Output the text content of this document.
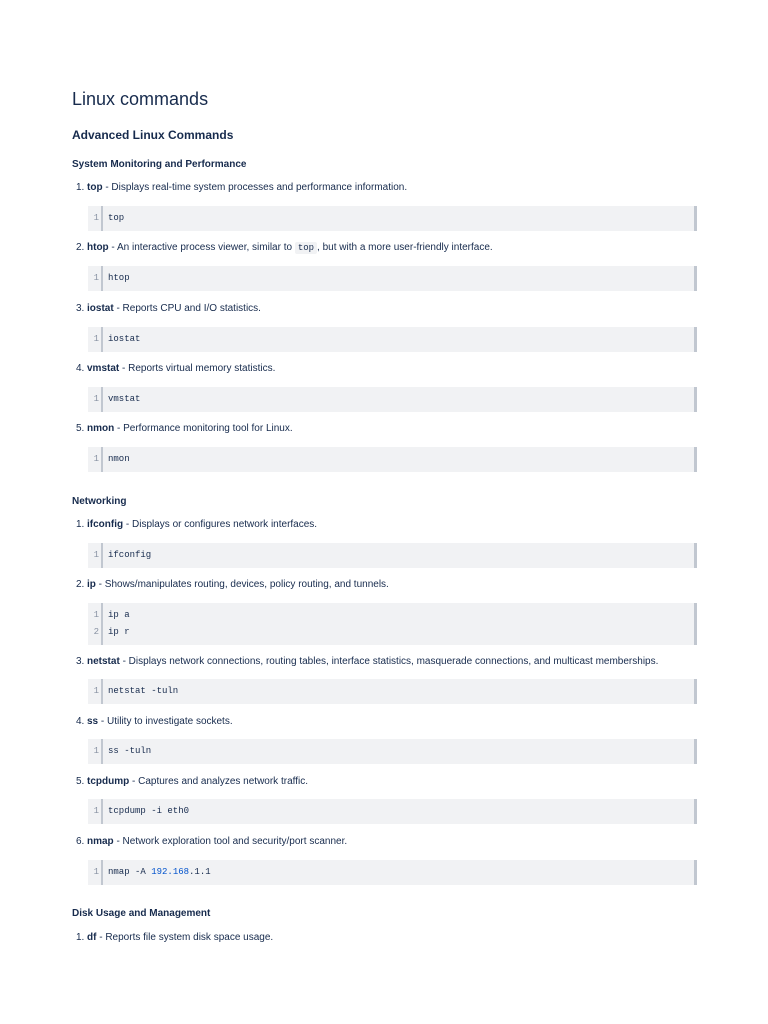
Linux commands
Advanced Linux Commands
System Monitoring and Performance
1. top - Displays real-time system processes and performance information.
1 top
2. htop - An interactive process viewer, similar to top , but with a more user-friendly interface.
1 htop
3. iostat - Reports CPU and I/O statistics.
1 iostat
4. vmstat - Reports virtual memory statistics.
1 vmstat
5. nmon - Performance monitoring tool for Linux.
1 nmon
Networking
1. ifconfig - Displays or configures network interfaces.
1 ifconfig
2. ip - Shows/manipulates routing, devices, policy routing, and tunnels.
1 ip a
2 ip r
3. netstat - Displays network connections, routing tables, interface statistics, masquerade connections, and multicast memberships.
1 netstat -tuln
4. ss - Utility to investigate sockets.
1 ss -tuln
5. tcpdump - Captures and analyzes network traffic.
1 tcpdump -i eth0
6. nmap - Network exploration tool and security/port scanner.
1 nmap -A 192.168.1.1
Disk Usage and Management
1. df - Reports file system disk space usage.
